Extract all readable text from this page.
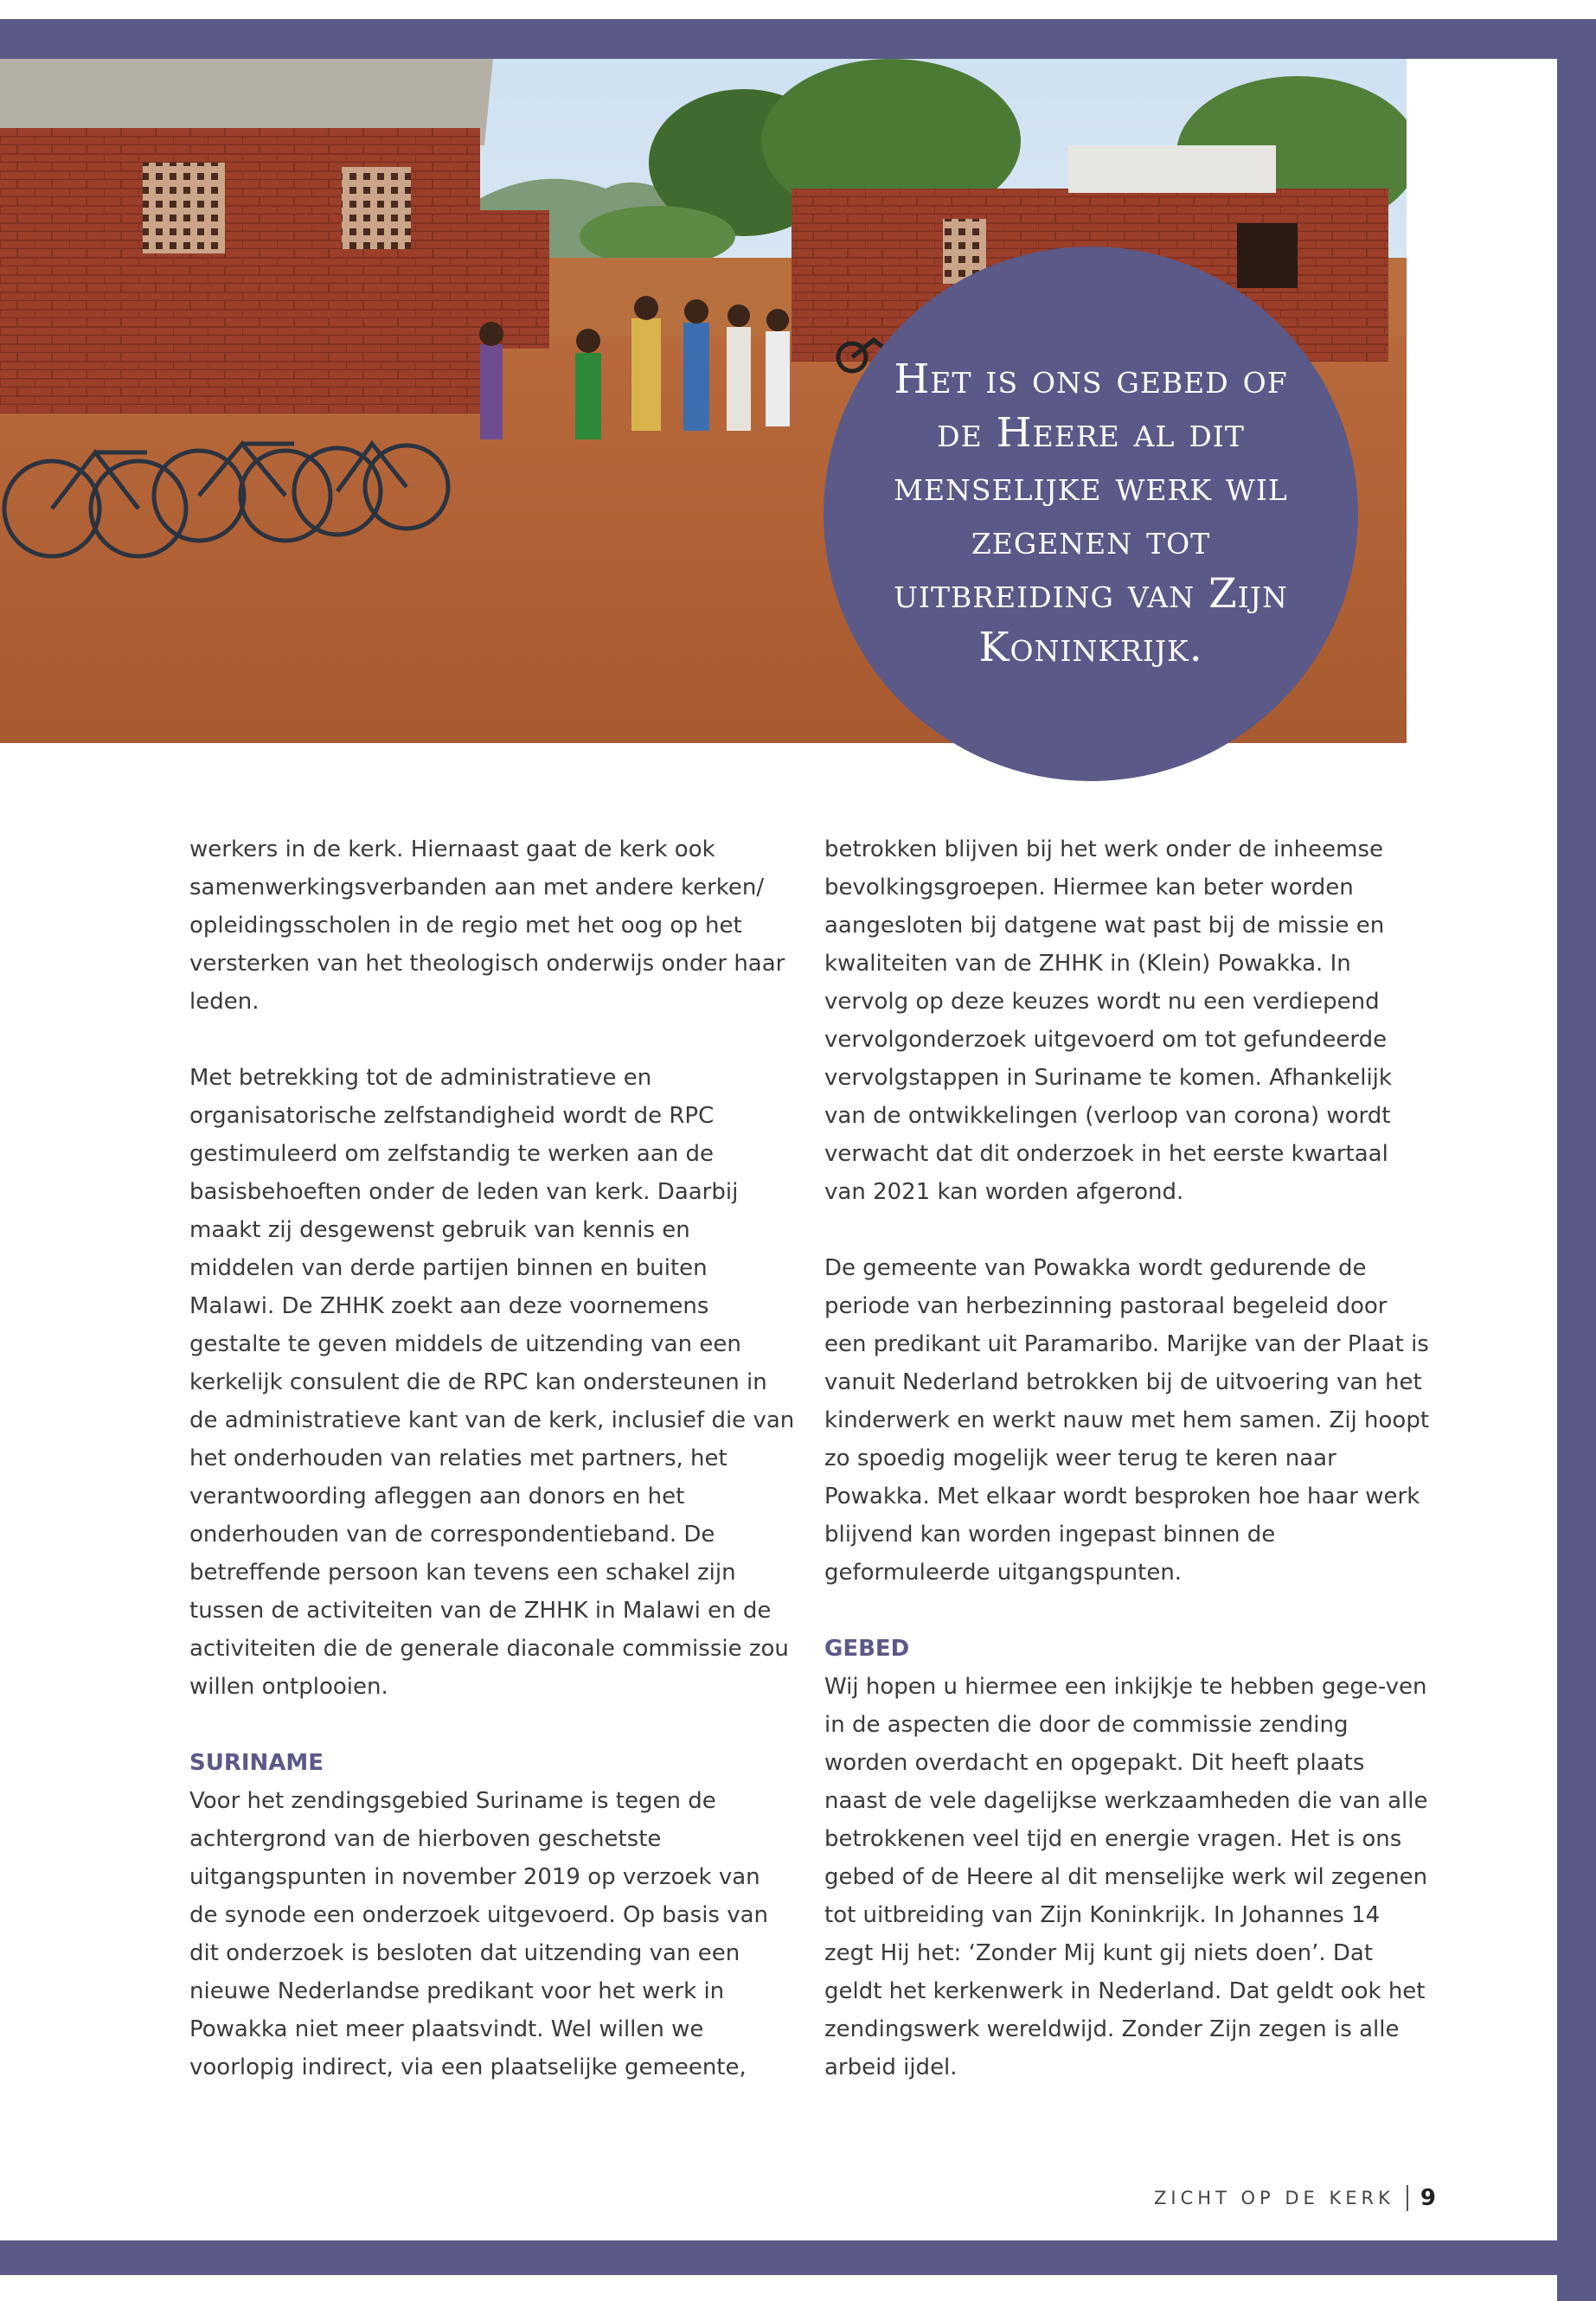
Het is ons gebed of de Heere al dit menselijke werk wil zegenen tot uitbreiding van Zijn Koninkrijk.

werkers in de kerk. Hiernaast gaat de kerk ook samenwerkingsverbanden aan met andere kerken/ opleidingsscholen in de regio met het oog op het versterken van het theologisch onderwijs onder haar leden.

Met betrekking tot de administratieve en organisatorische zelfstandigheid wordt de RPC gestimuleerd om zelfstandig te werken aan de basisbehoeften onder de leden van kerk. Daarbij maakt zij desgewenst gebruik van kennis en middelen van derde partijen binnen en buiten Malawi. De ZHHK zoekt aan deze voornemens gestalte te geven middels de uitzending van een kerkelijk consulent die de RPC kan ondersteunen in de administratieve kant van de kerk, inclusief die van het onderhouden van relaties met partners, het verantwoording afleggen aan donors en het onderhouden van de correspondentieband. De betreffende persoon kan tevens een schakel zijn tussen de activiteiten van de ZHHK in Malawi en de activiteiten die de generale diaconale commissie zou willen ontplooien.

SURINAME

Voor het zendingsgebied Suriname is tegen de achtergrond van de hierboven geschetste uitgangspunten in november 2019 op verzoek van de synode een onderzoek uitgevoerd. Op basis van dit onderzoek is besloten dat uitzending van een nieuwe Nederlandse predikant voor het werk in Powakka niet meer plaatsvindt. Wel willen we voorlopig indirect, via een plaatselijke gemeente,

betrokken blijven bij het werk onder de inheemse bevolkingsgroepen. Hiermee kan beter worden aangesloten bij datgene wat past bij de missie en kwaliteiten van de ZHHK in (Klein) Powakka. In vervolg op deze keuzes wordt nu een verdiepend vervolgonderzoek uitgevoerd om tot gefundeerde vervolgstappen in Suriname te komen. Afhankelijk van de ontwikkelingen (verloop van corona) wordt verwacht dat dit onderzoek in het eerste kwartaal van 2021 kan worden afgerond.

De gemeente van Powakka wordt gedurende de periode van herbezinning pastoraal begeleid door een predikant uit Paramaribo. Marijke van der Plaat is vanuit Nederland betrokken bij de uitvoering van het kinderwerk en werkt nauw met hem samen. Zij hoopt zo spoedig mogelijk weer terug te keren naar Powakka. Met elkaar wordt besproken hoe haar werk blijvend kan worden ingepast binnen de geformuleerde uitgangspunten.

GEBED

Wij hopen u hiermee een inkijkje te hebben gege-ven in de aspecten die door de commissie zending worden overdacht en opgepakt. Dit heeft plaats naast de vele dagelijkse werkzaamheden die van alle betrokkenen veel tijd en energie vragen. Het is ons gebed of de Heere al dit menselijke werk wil zegenen tot uitbreiding van Zijn Koninkrijk. In Johannes 14 zegt Hij het: ‘Zonder Mij kunt gij niets doen’. Dat geldt het kerkenwerk in Nederland. Dat geldt ook het zendingswerk wereldwijd. Zonder Zijn zegen is alle arbeid ijdel.

ZICHT OP DE KERK 9
